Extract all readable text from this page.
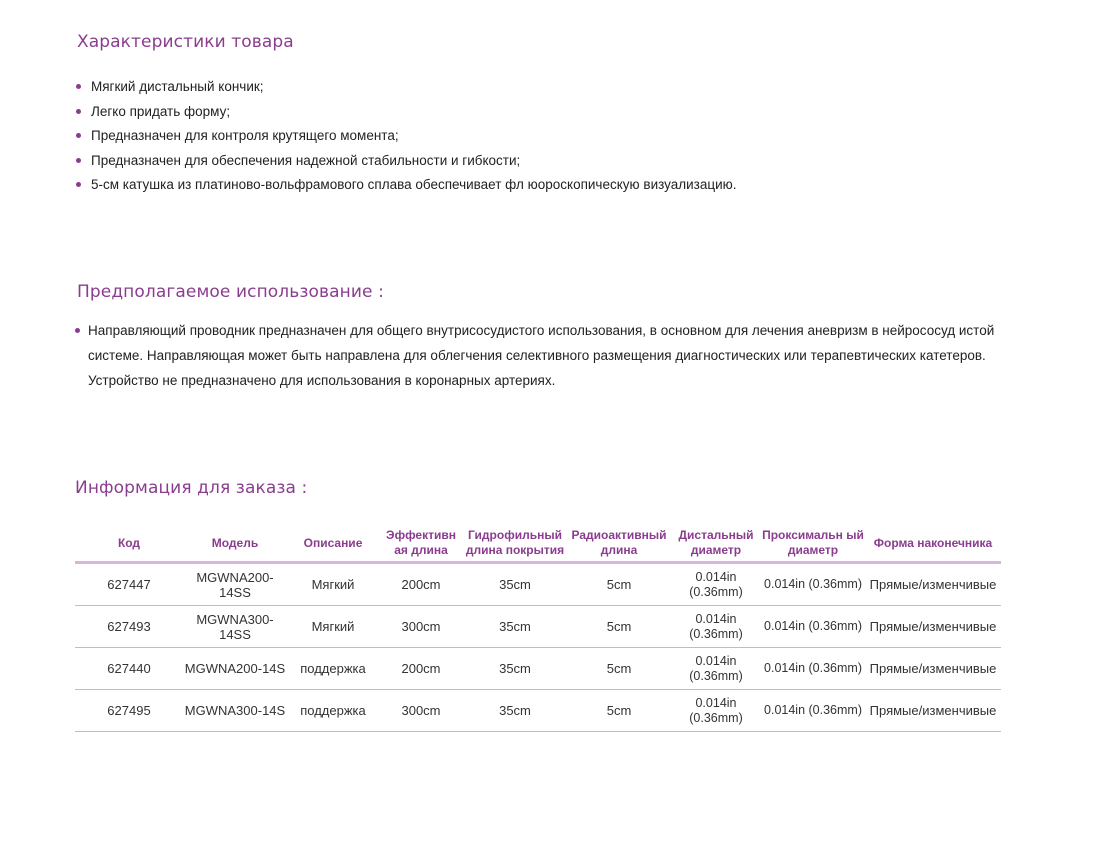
Характеристики товара
Мягкий дистальный кончик;
Легко придать форму;
Предназначен для контроля крутящего момента;
Предназначен для обеспечения надежной стабильности и гибкости;
5-см катушка из платиново-вольфрамового сплава обеспечивает фл юороскопическую визуализацию.
Предполагаемое использование :

Направляющий проводник предназначен для общего внутрисосудистого использования, в основном для лечения аневризм в нейрососуд истой системе. Направляющая может быть направлена для облегчения селективного размещения диагностических или терапевтических катетеров. Устройство не предназначено для использования в коронарных артериях.

Информация для заказа :
Код	Модель	Описание	Эффективн ая длина	Гидрофильный длина покрытия	Радиоактивный длина	Дистальный диаметр	Проксимальн ый диаметр	Форма наконечника
627447	MGWNA200-14SS	Мягкий	200cm	35cm	5cm	0.014in (0.36mm)	0.014in (0.36mm)	Прямые/изменчивые
627493	MGWNA300-14SS	Мягкий	300cm	35cm	5cm	0.014in (0.36mm)	0.014in (0.36mm)	Прямые/изменчивые
627440	MGWNA200-14S	поддержка	200cm	35cm	5cm	0.014in (0.36mm)	0.014in (0.36mm)	Прямые/изменчивые
627495	MGWNA300-14S	поддержка	300cm	35cm	5cm	0.014in (0.36mm)	0.014in (0.36mm)	Прямые/изменчивые
